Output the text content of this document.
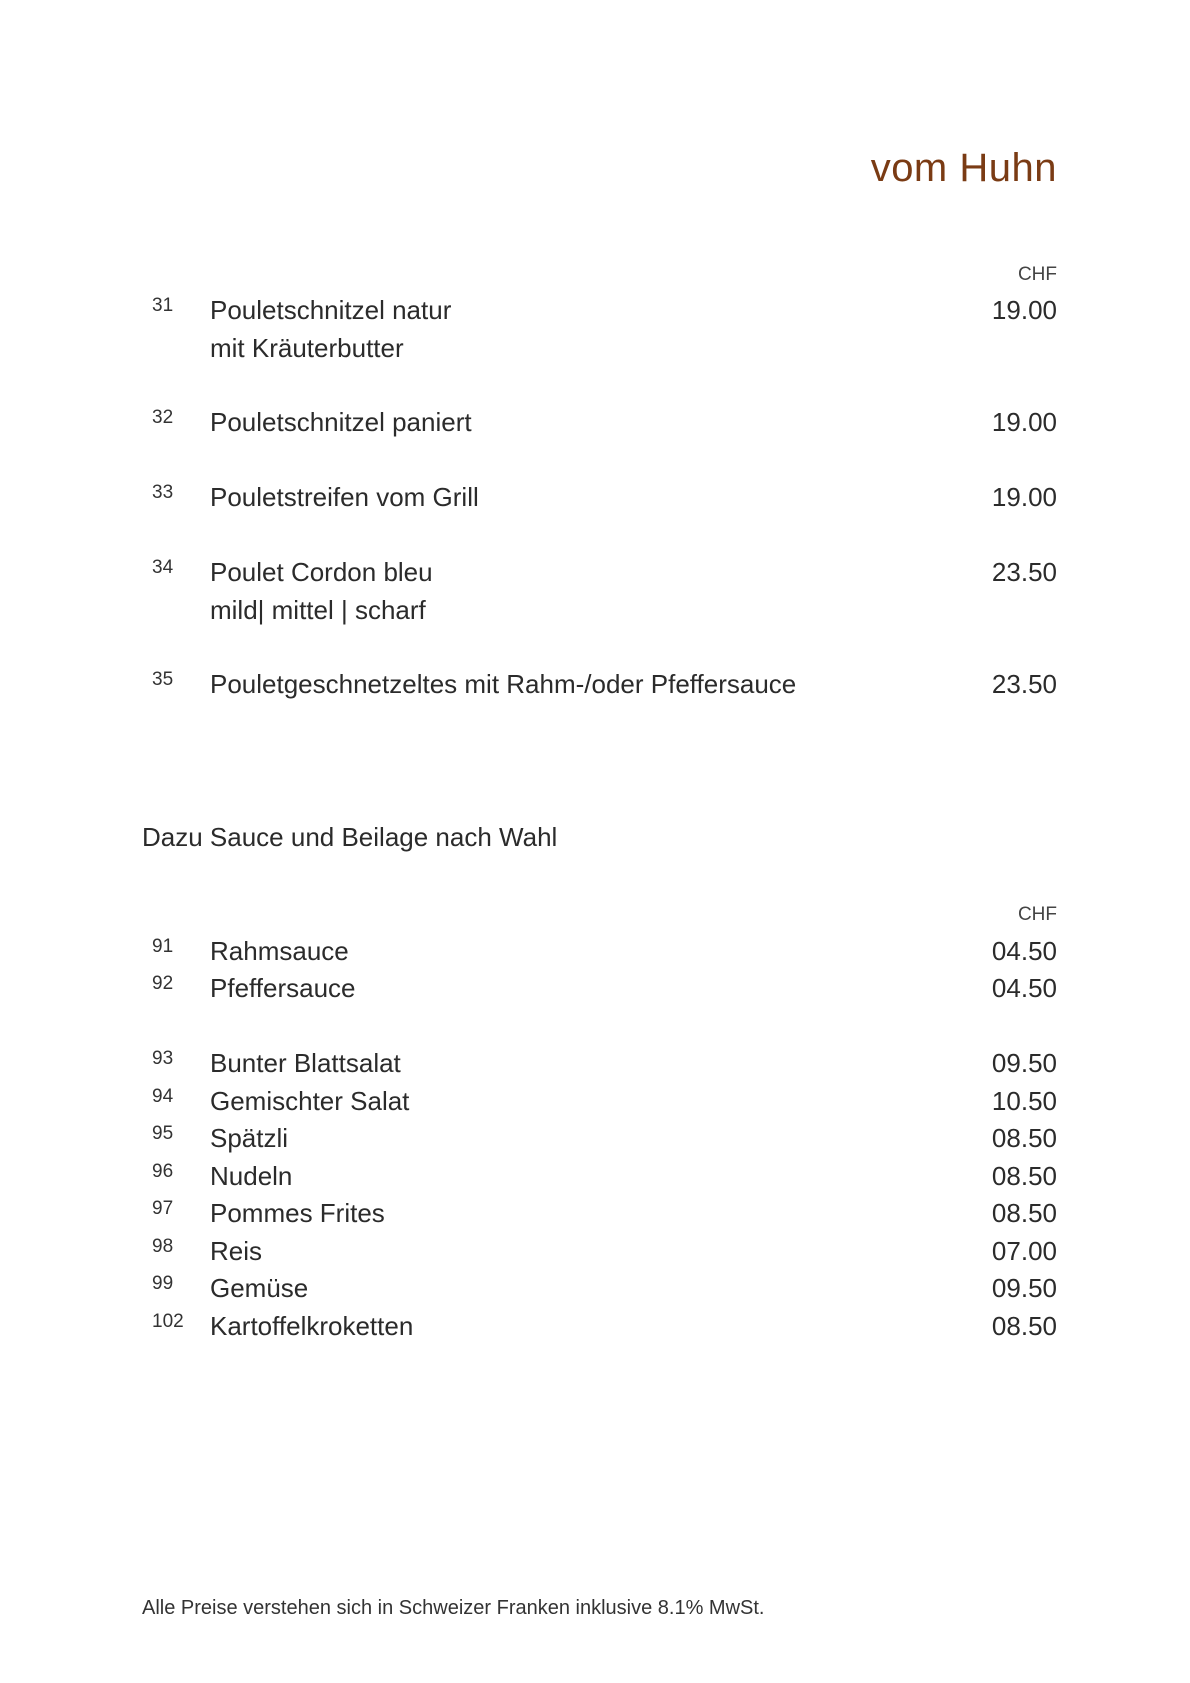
vom Huhn
CHF
31 Pouletschnitzel natur	19.00
mit Kräuterbutter
32 Pouletschnitzel paniert	19.00
33 Pouletstreifen vom Grill	19.00
34 Poulet Cordon bleu	23.50
mild| mittel | scharf
35 Pouletgeschnetzeltes mit Rahm-/oder Pfeffersauce	23.50
Dazu Sauce und Beilage nach Wahl
CHF
91 Rahmsauce	04.50
92 Pfeffersauce	04.50
93 Bunter Blattsalat	09.50
94 Gemischter Salat	10.50
95 Spätzli	08.50
96 Nudeln	08.50
97 Pommes Frites	08.50
98 Reis	07.00
99 Gemüse	09.50
102 Kartoffelkroketten	08.50
Alle Preise verstehen sich in Schweizer Franken inklusive 8.1% MwSt.
